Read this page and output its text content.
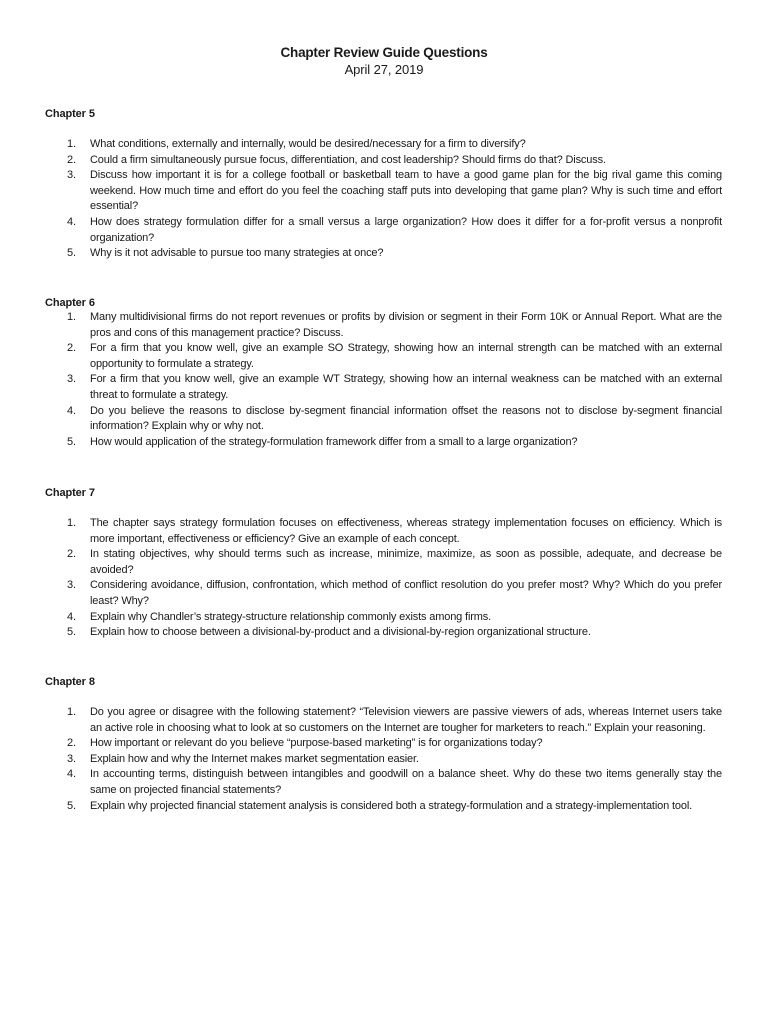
Chapter Review Guide Questions
April 27, 2019
Chapter 5
1. What conditions, externally and internally, would be desired/necessary for a firm to diversify?
2. Could a firm simultaneously pursue focus, differentiation, and cost leadership? Should firms do that? Discuss.
3. Discuss how important it is for a college football or basketball team to have a good game plan for the big rival game this coming weekend. How much time and effort do you feel the coaching staff puts into developing that game plan? Why is such time and effort essential?
4. How does strategy formulation differ for a small versus a large organization? How does it differ for a for-profit versus a nonprofit organization?
5. Why is it not advisable to pursue too many strategies at once?
Chapter 6
1. Many multidivisional firms do not report revenues or profits by division or segment in their Form 10K or Annual Report. What are the pros and cons of this management practice? Discuss.
2. For a firm that you know well, give an example SO Strategy, showing how an internal strength can be matched with an external opportunity to formulate a strategy.
3. For a firm that you know well, give an example WT Strategy, showing how an internal weakness can be matched with an external threat to formulate a strategy.
4. Do you believe the reasons to disclose by-segment financial information offset the reasons not to disclose by-segment financial information? Explain why or why not.
5. How would application of the strategy-formulation framework differ from a small to a large organization?
Chapter 7
1. The chapter says strategy formulation focuses on effectiveness, whereas strategy implementation focuses on efficiency. Which is more important, effectiveness or efficiency? Give an example of each concept.
2. In stating objectives, why should terms such as increase, minimize, maximize, as soon as possible, adequate, and decrease be avoided?
3. Considering avoidance, diffusion, confrontation, which method of conflict resolution do you prefer most? Why? Which do you prefer least? Why?
4. Explain why Chandler’s strategy-structure relationship commonly exists among firms.
5. Explain how to choose between a divisional-by-product and a divisional-by-region organizational structure.
Chapter 8
1. Do you agree or disagree with the following statement? “Television viewers are passive viewers of ads, whereas Internet users take an active role in choosing what to look at so customers on the Internet are tougher for marketers to reach.” Explain your reasoning.
2. How important or relevant do you believe “purpose-based marketing” is for organizations today?
3. Explain how and why the Internet makes market segmentation easier.
4. In accounting terms, distinguish between intangibles and goodwill on a balance sheet. Why do these two items generally stay the same on projected financial statements?
5. Explain why projected financial statement analysis is considered both a strategy-formulation and a strategy-implementation tool.
